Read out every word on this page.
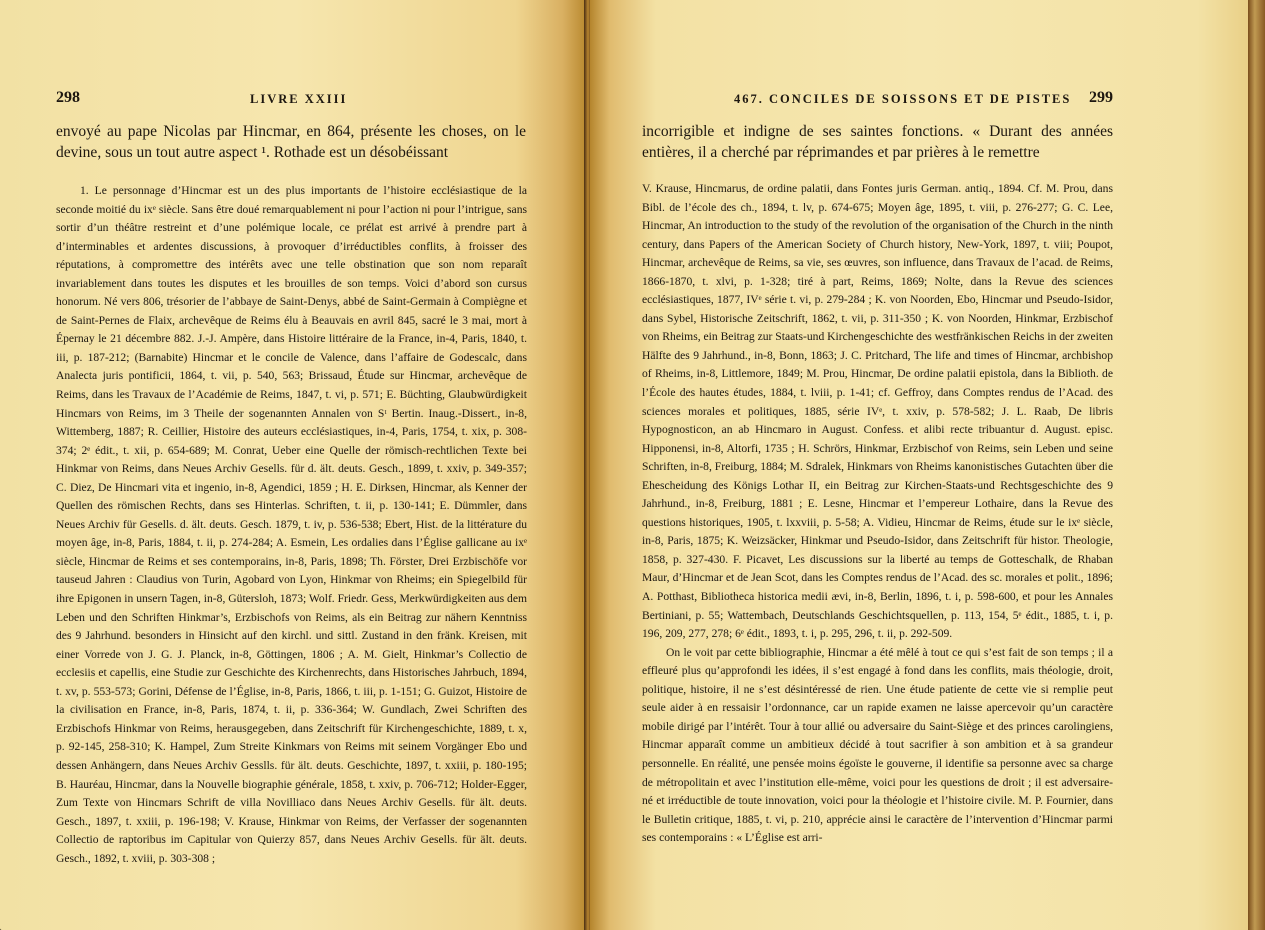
298	LIVRE XXIII
envoyé au pape Nicolas par Hincmar, en 864, présente les choses, on le devine, sous un tout autre aspect ¹. Rothade est un désobéissant

1. Le personnage d’Hincmar est un des plus importants de l’histoire ecclésiastique de la seconde moitié du ixᵉ siècle. Sans être doué remarquablement ni pour l’action ni pour l’intrigue, sans sortir d’un théâtre restreint et d’une polémique locale, ce prélat est arrivé à prendre part à d’interminables et ardentes discussions, à provoquer d’irréductibles conflits, à froisser des réputations, à compromettre des intérêts avec une telle obstination que son nom reparaît invariablement dans toutes les disputes et les brouilles de son temps. Voici d’abord son cursus honorum. Né vers 806, trésorier de l’abbaye de Saint-Denys, abbé de Saint-Germain à Compiègne et de Saint-Pernes de Flaix, archevêque de Reims élu à Beauvais en avril 845, sacré le 3 mai, mort à Épernay le 21 décembre 882. J.-J. Ampère, dans Histoire littéraire de la France, in-4, Paris, 1840, t. iii, p. 187-212; (Barnabite) Hincmar et le concile de Valence, dans l’affaire de Godescalc, dans Analecta juris pontificii, 1864, t. vii, p. 540, 563; Brissaud, Étude sur Hincmar, archevêque de Reims, dans les Travaux de l’Académie de Reims, 1847, t. vi, p. 571; E. Büchting, Glaubwürdigkeit Hincmars von Reims, im 3 Theile der sogenannten Annalen von Sᵗ Bertin. Inaug.-Dissert., in-8, Wittemberg, 1887; R. Ceillier, Histoire des auteurs ecclésiastiques, in-4, Paris, 1754, t. xix, p. 308-374; 2ᵉ édit., t. xii, p. 654-689; M. Conrat, Ueber eine Quelle der römisch-rechtlichen Texte bei Hinkmar von Reims, dans Neues Archiv Gesells. für d. ält. deuts. Gesch., 1899, t. xxiv, p. 349-357; C. Diez, De Hincmari vita et ingenio, in-8, Agendici, 1859 ; H. E. Dirksen, Hincmar, als Kenner der Quellen des römischen Rechts, dans ses Hinterlas. Schriften, t. ii, p. 130-141; E. Dümmler, dans Neues Archiv für Gesells. d. ält. deuts. Gesch. 1879, t. iv, p. 536-538; Ebert, Hist. de la littérature du moyen âge, in-8, Paris, 1884, t. ii, p. 274-284; A. Esmein, Les ordalies dans l’Église gallicane au ixᵉ siècle, Hincmar de Reims et ses contemporains, in-8, Paris, 1898; Th. Förster, Drei Erzbischöfe vor tauseud Jahren : Claudius von Turin, Agobard von Lyon, Hinkmar von Rheims; ein Spiegelbild für ihre Epigonen in unsern Tagen, in-8, Gütersloh, 1873; Wolf. Friedr. Gess, Merkwürdigkeiten aus dem Leben und den Schriften Hinkmar’s, Erzbischofs von Reims, als ein Beitrag zur nähern Kenntniss des 9 Jahrhund. besonders in Hinsicht auf den kirchl. und sittl. Zustand in den fränk. Kreisen, mit einer Vorrede von J. G. J. Planck, in-8, Göttingen, 1806 ; A. M. Gielt, Hinkmar’s Collectio de ecclesiis et capellis, eine Studie zur Geschichte des Kirchenrechts, dans Historisches Jahrbuch, 1894, t. xv, p. 553-573; Gorini, Défense de l’Église, in-8, Paris, 1866, t. iii, p. 1-151; G. Guizot, Histoire de la civilisation en France, in-8, Paris, 1874, t. ii, p. 336-364; W. Gundlach, Zwei Schriften des Erzbischofs Hinkmar von Reims, herausgegeben, dans Zeitschrift für Kirchengeschichte, 1889, t. x, p. 92-145, 258-310; K. Hampel, Zum Streite Kinkmars von Reims mit seinem Vorgänger Ebo und dessen Anhängern, dans Neues Archiv Gesslls. für ält. deuts. Geschichte, 1897, t. xxiii, p. 180-195; B. Hauréau, Hincmar, dans la Nouvelle biographie générale, 1858, t. xxiv, p. 706-712; Holder-Egger, Zum Texte von Hincmars Schrift de villa Novilliaco dans Neues Archiv Gesells. für ält. deuts. Gesch., 1897, t. xxiii, p. 196-198; V. Krause, Hinkmar von Reims, der Verfasser der sogenannten Collectio de raptoribus im Capitular von Quierzy 857, dans Neues Archiv Gesells. für ält. deuts. Gesch., 1892, t. xviii, p. 303-308 ;

467. CONCILES DE SOISSONS ET DE PISTES 299
incorrigible et indigne de ses saintes fonctions. « Durant des années entières, il a cherché par réprimandes et par prières à le remettre

V. Krause, Hincmarus, de ordine palatii, dans Fontes juris German. antiq., 1894. Cf. M. Prou, dans Bibl. de l’école des ch., 1894, t. lv, p. 674-675; Moyen âge, 1895, t. viii, p. 276-277; G. C. Lee, Hincmar, An introduction to the study of the revolution of the organisation of the Church in the ninth century, dans Papers of the American Society of Church history, New-York, 1897, t. viii; Poupot, Hincmar, archevêque de Reims, sa vie, ses œuvres, son influence, dans Travaux de l’acad. de Reims, 1866-1870, t. xlvi, p. 1-328; tiré à part, Reims, 1869; Nolte, dans la Revue des sciences ecclésiastiques, 1877, IVᵉ série t. vi, p. 279-284 ; K. von Noorden, Ebo, Hincmar und Pseudo-Isidor, dans Sybel, Historische Zeitschrift, 1862, t. vii, p. 311-350 ; K. von Noorden, Hinkmar, Erzbischof von Rheims, ein Beitrag zur Staats-und Kirchengeschichte des westfränkischen Reichs in der zweiten Hälfte des 9 Jahrhund., in-8, Bonn, 1863; J. C. Pritchard, The life and times of Hincmar, archbishop of Rheims, in-8, Littlemore, 1849; M. Prou, Hincmar, De ordine palatii epistola, dans la Biblioth. de l’École des hautes études, 1884, t. lviii, p. 1-41; cf. Geffroy, dans Comptes rendus de l’Acad. des sciences morales et politiques, 1885, série IVᵉ, t. xxiv, p. 578-582; J. L. Raab, De libris Hypognosticon, an ab Hincmaro in August. Confess. et alibi recte tribuantur d. August. episc. Hipponensi, in-8, Altorfi, 1735 ; H. Schrörs, Hinkmar, Erzbischof von Reims, sein Leben und seine Schriften, in-8, Freiburg, 1884; M. Sdralek, Hinkmars von Rheims kanonistisches Gutachten über die Ehescheidung des Königs Lothar II, ein Beitrag zur Kirchen-Staats-und Rechtsgeschichte des 9 Jahrhund., in-8, Freiburg, 1881 ; E. Lesne, Hincmar et l’empereur Lothaire, dans la Revue des questions historiques, 1905, t. lxxviii, p. 5-58; A. Vidieu, Hincmar de Reims, étude sur le ixᵉ siècle, in-8, Paris, 1875; K. Weizsäcker, Hinkmar und Pseudo-Isidor, dans Zeitschrift für histor. Theologie, 1858, p. 327-430. F. Picavet, Les discussions sur la liberté au temps de Gotteschalk, de Rhaban Maur, d’Hincmar et de Jean Scot, dans les Comptes rendus de l’Acad. des sc. morales et polit., 1896; A. Potthast, Bibliotheca historica medii ævi, in-8, Berlin, 1896, t. i, p. 598-600, et pour les Annales Bertiniani, p. 55; Wattembach, Deutschlands Geschichtsquellen, p. 113, 154, 5ᵉ édit., 1885, t. i, p. 196, 209, 277, 278; 6ᵉ édit., 1893, t. i, p. 295, 296, t. ii, p. 292-509.

On le voit par cette bibliographie, Hincmar a été mêlé à tout ce qui s’est fait de son temps ; il a effleuré plus qu’approfondi les idées, il s’est engagé à fond dans les conflits, mais théologie, droit, politique, histoire, il ne s’est désintéressé de rien. Une étude patiente de cette vie si remplie peut seule aider à en ressaisir l’ordonnance, car un rapide examen ne laisse apercevoir qu’un caractère mobile dirigé par l’intérêt. Tour à tour allié ou adversaire du Saint-Siège et des princes carolingiens, Hincmar apparaît comme un ambitieux décidé à tout sacrifier à son ambition et à sa grandeur personnelle. En réalité, une pensée moins égoïste le gouverne, il identifie sa personne avec sa charge de métropolitain et avec l’institution elle-même, voici pour les questions de droit ; il est adversaire-né et irréductible de toute innovation, voici pour la théologie et l’histoire civile. M. P. Fournier, dans le Bulletin critique, 1885, t. vi, p. 210, apprécie ainsi le caractère de l’intervention d’Hincmar parmi ses contemporains : « L’Église est arri-
